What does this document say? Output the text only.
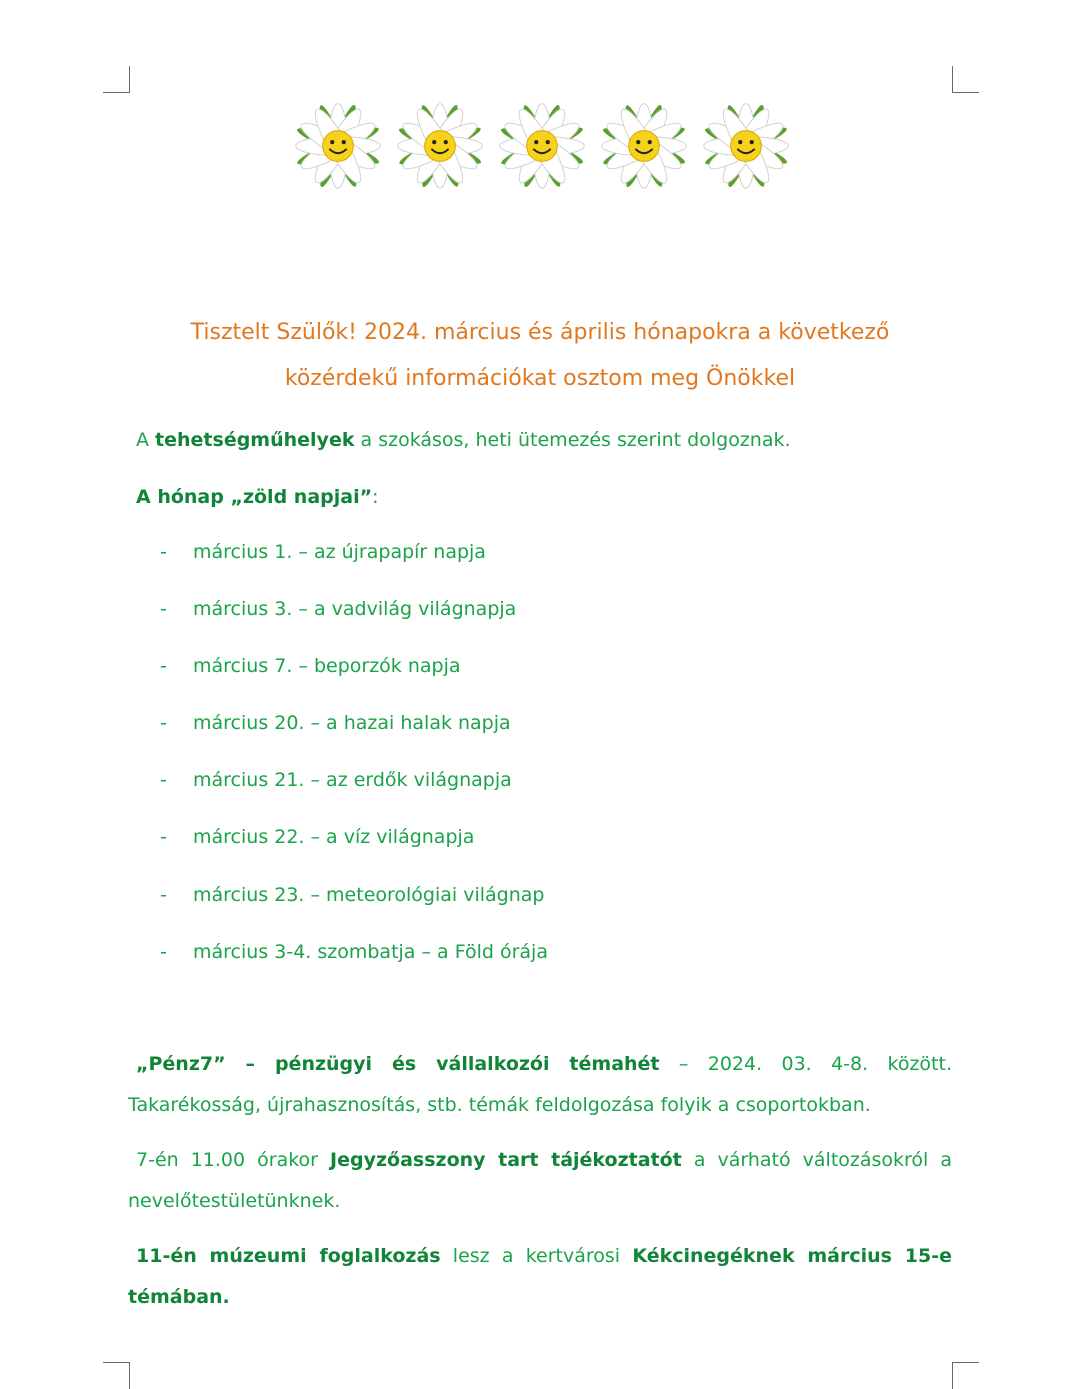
Tisztelt Szülők! 2024. március és április hónapokra a következő
közérdekű információkat osztom meg Önökkel
A tehetségműhelyek a szokásos, heti ütemezés szerint dolgoznak.
A hónap „zöld napjai”:
-	március 1. – az újrapapír napja
-	március 3. – a vadvilág világnapja
-	március 7. – beporzók napja
-	március 20. – a hazai halak napja
-	március 21. – az erdők világnapja
-	március 22. – a víz világnapja
-	március 23. – meteorológiai világnap
-	március 3-4. szombatja – a Föld órája
„Pénz7” – pénzügyi és vállalkozói témahét – 2024. 03. 4-8. között. Takarékosság, újrahasznosítás, stb. témák feldolgozása folyik a csoportokban.
7-én 11.00 órakor Jegyzőasszony tart tájékoztatót a várható változásokról a nevelőtestületünknek.
11-én múzeumi foglalkozás lesz a kertvárosi Kékcinegéknek március 15-e témában.
